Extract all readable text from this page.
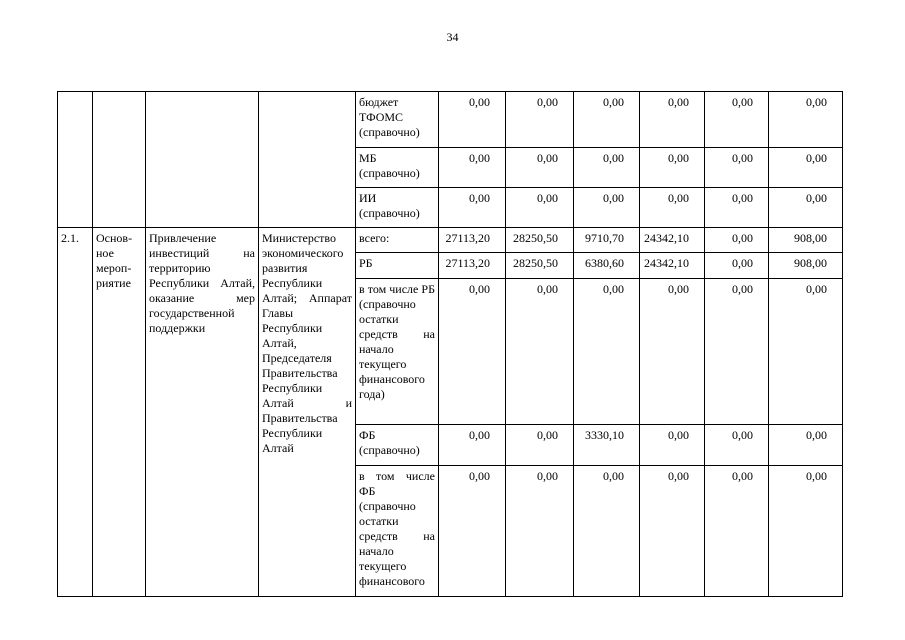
34
				бюджет ТФОМС (справочно)	0,00	0,00	0,00	0,00	0,00	0,00
				МБ (справочно)	0,00	0,00	0,00	0,00	0,00	0,00
				ИИ (справочно)	0,00	0,00	0,00	0,00	0,00	0,00
2.1.	Основ-ное мероп-риятие	Привлечение инвестиций на территорию Республики Алтай, оказание мер государственной поддержки	Министерство экономического развития Республики Алтай; Аппарат Главы Республики Алтай, Председателя Правительства Республики Алтай и Правительства Республики Алтай	всего:	27113,20	28250,50	9710,70	24342,10	0,00	908,00
				РБ	27113,20	28250,50	6380,60	24342,10	0,00	908,00
				в том числе РБ (справочно остатки средств на начало текущего финансового года)	0,00	0,00	0,00	0,00	0,00	0,00
				ФБ (справочно)	0,00	0,00	3330,10	0,00	0,00	0,00
				в том числе ФБ (справочно остатки средств на начало текущего финансового	0,00	0,00	0,00	0,00	0,00	0,00
